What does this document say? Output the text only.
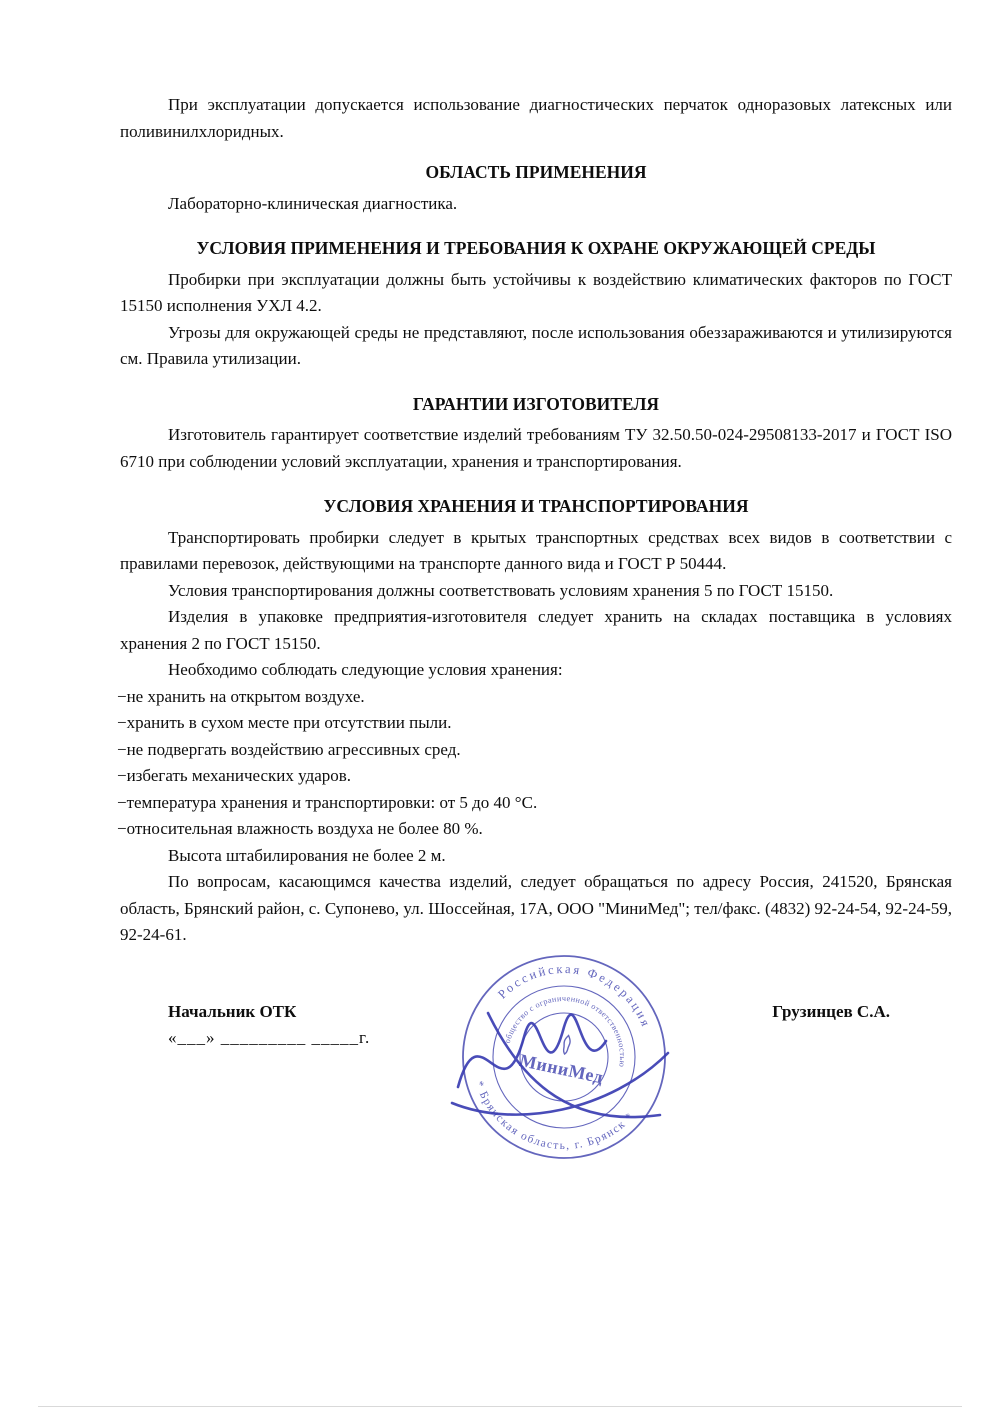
При эксплуатации допускается использование диагностических перчаток одноразовых латексных или поливинилхлоридных.

ОБЛАСТЬ ПРИМЕНЕНИЯ

Лабораторно-клиническая диагностика.

УСЛОВИЯ ПРИМЕНЕНИЯ И ТРЕБОВАНИЯ К ОХРАНЕ ОКРУЖАЮЩЕЙ СРЕДЫ

Пробирки при эксплуатации должны быть устойчивы к воздействию климатических факторов по ГОСТ 15150 исполнения УХЛ 4.2.

Угрозы для окружающей среды не представляют, после использования обеззараживаются и утилизируются см. Правила утилизации.

ГАРАНТИИ ИЗГОТОВИТЕЛЯ

Изготовитель гарантирует соответствие изделий требованиям ТУ 32.50.50-024-29508133-2017 и ГОСТ ISO 6710 при соблюдении условий эксплуатации, хранения и транспортирования.

УСЛОВИЯ ХРАНЕНИЯ И ТРАНСПОРТИРОВАНИЯ

Транспортировать пробирки следует в крытых транспортных средствах всех видов в соответствии с правилами перевозок, действующими на транспорте данного вида и ГОСТ Р 50444.

Условия транспортирования должны соответствовать условиям хранения 5 по ГОСТ 15150.

Изделия в упаковке предприятия-изготовителя следует хранить на складах поставщика в условиях хранения 2 по ГОСТ 15150.

Необходимо соблюдать следующие условия хранения:

−не хранить на открытом воздухе.

−хранить в сухом месте при отсутствии пыли.

−не подвергать воздействию агрессивных сред.

−избегать механических ударов.

−температура хранения и транспортировки: от 5 до 40 °С.

−относительная влажность воздуха не более 80 %.

Высота штабилирования не более 2 м.

По вопросам, касающимся качества изделий, следует обращаться по адресу Россия, 241520, Брянская область, Брянский район, с. Супонево, ул. Шоссейная, 17А, ООО "МиниМед"; тел/факс. (4832) 92-24-54, 92-24-59, 92-24-61.

Начальник ОТК

«___» _________ _____г.

Грузинцев С.А.

Российская Федерация
* Брянская область, г. Брянск *
общество с ограниченной ответственностью
МиниМед
